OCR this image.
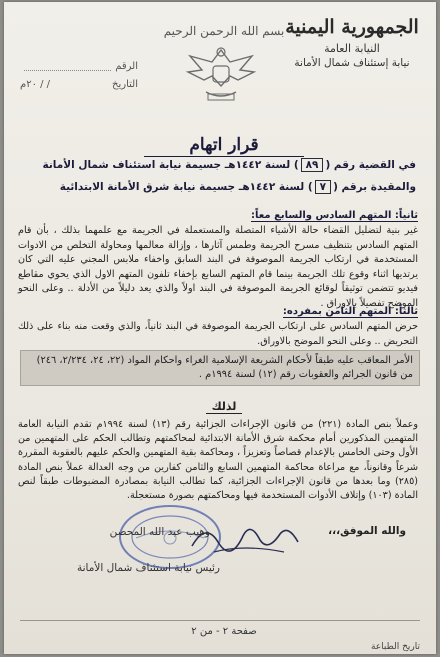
الجمهورية اليمنية
النيابة العامة
نيابة إستئناف شمال الأمانة
بسم الله الرحمن الرحيم
الرقم
التاريخ
/ / ٢٠م
قرار اتهام
في القضية رقم (٨٩) لسنة ١٤٤٢هـ جسيمة نيابة استئناف شمال الأمانة
والمقيدة برقم (٧) لسنة ١٤٤٢هـ جسيمة نيابة شرق الأمانة الابتدائية
ثانياً: المتهم السادس والسابع معاً:
غير بنية لتضليل القضاء حالة الأشياء المتصلة والمستعملة في الجريمة مع علمهما بذلك ، بأن قام المتهم السادس بتنظيف مسرح الجريمة وطمس آثارها ، وإزالة معالمها ومحاولة التخلص من الادوات المستخدمة في ارتكاب الجريمة الموصوفة في البند السابق واخفاء ملابس المجني عليه التي كان يرتديها اثناء وقوع تلك الجريمة بينما قام المتهم السابع بإخفاء تلفون المتهم الاول الذي يحوي مقاطع فيديو تتضمن توثيقاً لوقائع الجريمة الموصوفة في البند اولاً والذي يعد دليلاً من الأدلة .. وعلى النحو الموضح تفصيلاً بالاوراق .
ثالثاً: المتهم الثامن بمفرده:
حرض المتهم السادس على ارتكاب الجريمة الموصوفة في البند ثانياً، والذي وقعت منه بناء على ذلك التحريض .. وعلى النحو الموضح بالاوراق.

الأمر المعاقب عليه طبقاً لأحكام الشريعة الإسلامية الغراء واحكام المواد (٢٢، ٢٤، ٢/٢٣٤، ٢٤٦) من قانون الجرائم والعقوبات رقم (١٢) لسنة ١٩٩٤م .

لذلك
وعملاً بنص المادة (٢٢١) من قانون الإجراءات الجزائية رقم (١٣) لسنة ١٩٩٤م تقدم النيابة العامة المتهمين المذكورين أمام محكمة شرق الأمانة الابتدائية لمحاكمتهم وتطالب الحكم على المتهمين من الأول وحتى الخامس بالإعدام قصاصاً وتعزيزاً ، ومحاكمة بقية المتهمين والحكم عليهم بالعقوبة المقررة شرعاً وقانوناً، مع مراعاة محاكمة المتهمين السابع والثامن كفارين من وجه العدالة عملاً بنص المادة (٢٨٥) وما بعدها من قانون الإجراءات الجزائية، كما تطالب النيابة بمصادرة المضبوطات طبقاً لنص المادة (١٠٣) وإتلاف الأدوات المستخدمة فيها ومحاكمتهم بصورة مستعجلة.
والله الموفق،،،
وهيب عبد الله المحصن
رئيس نيابة استئناف شمال الأمانة
صفحة ٢ - من ٢
تاريخ الطباعة
